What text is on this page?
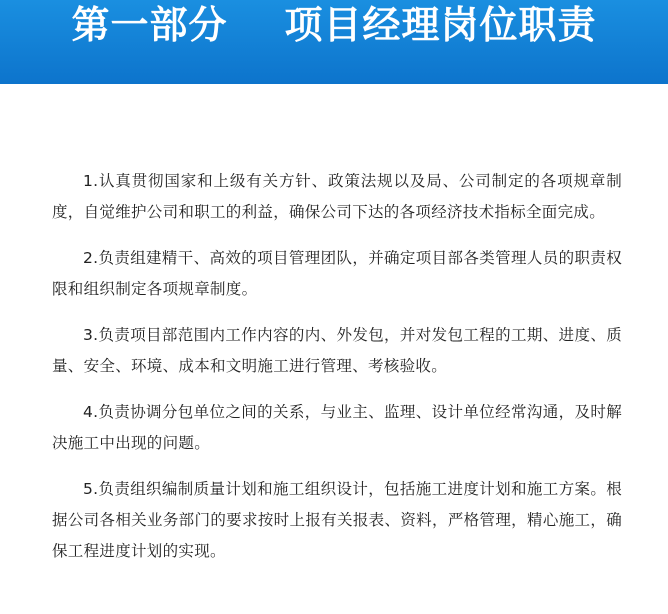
第一部分    项目经理岗位职责

1.认真贯彻国家和上级有关方针、政策法规以及局、公司制定的各项规章制度，自觉维护公司和职工的利益，确保公司下达的各项经济技术指标全面完成。

2.负责组建精干、高效的项目管理团队，并确定项目部各类管理人员的职责权限和组织制定各项规章制度。

3.负责项目部范围内工作内容的内、外发包，并对发包工程的工期、进度、质量、安全、环境、成本和文明施工进行管理、考核验收。

4.负责协调分包单位之间的关系，与业主、监理、设计单位经常沟通，及时解决施工中出现的问题。

5.负责组织编制质量计划和施工组织设计，包括施工进度计划和施工方案。根据公司各相关业务部门的要求按时上报有关报表、资料，严格管理，精心施工，确保工程进度计划的实现。
